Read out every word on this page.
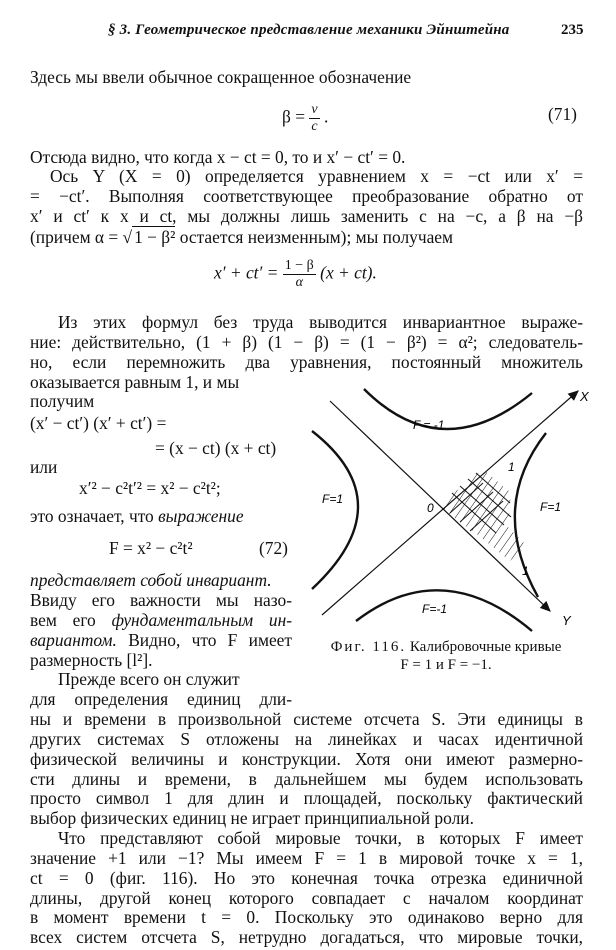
§ 3. Геометрическое представление механики Эйнштейна	235
Здесь мы ввели обычное сокращенное обозначение
$\beta = \frac{v}{c}$ .	(71)
Отсюда видно, что когда x − ct = 0, то и x′ − ct′ = 0.
Ось Y (X = 0) определяется уравнением x = −ct или x′ =
= −ct′. Выполняя соответствующее преобразование обратно от
x′ и ct′ к x и ct, мы должны лишь заменить c на −c, а β на −β
(причем α = √ 1 − β² остается неизменным); мы получаем
$x' + ct' = \frac{1 - \beta}{\alpha} (x + ct)$.
Из этих формул без труда выводится инвариантное выраже-
ние: действительно, (1 + β) (1 − β) = (1 − β²) = α²; следователь-
но, если перемножить два уравнения, постоянный множитель
оказывается равным 1, и мы
получим
(x′ − ct′) (x′ + ct′) =
= (x − ct) (x + ct)
или
x′² − c²t′² = x² − c²t²;
это означает, что выражение
F = x² − c²t²	(72)
представляет собой инвариант.
Ввиду его важности мы назо-
вем его фундаментальным ин-
вариантом. Видно, что F имеет
размерность [l²].
Прежде всего он служит
для определения единиц дли-
ны и времени в произвольной системе отсчета S. Эти единицы в
других системах S отложены на линейках и часах идентичной
физической величины и конструкции. Хотя они имеют размерно-
сти длины и времени, в дальнейшем мы будем использовать
просто символ 1 для длин и площадей, поскольку фактический
выбор физических единиц не играет принципиальной роли.
Что представляют собой мировые точки, в которых F имеет
значение +1 или −1? Мы имеем F = 1 в мировой точке x = 1,
ct = 0 (фиг. 116). Но это конечная точка отрезка единичной
длины, другой конец которого совпадает с началом координат
в момент времени t = 0. Поскольку это одинаково верно для
всех систем отсчета S, нетрудно догадаться, что мировые точки,
F = -1
F=-1
F=1
F=1
0
X
Y
1
1
Фиг. 116. Калибровочные кривые
F = 1 и F = −1.
